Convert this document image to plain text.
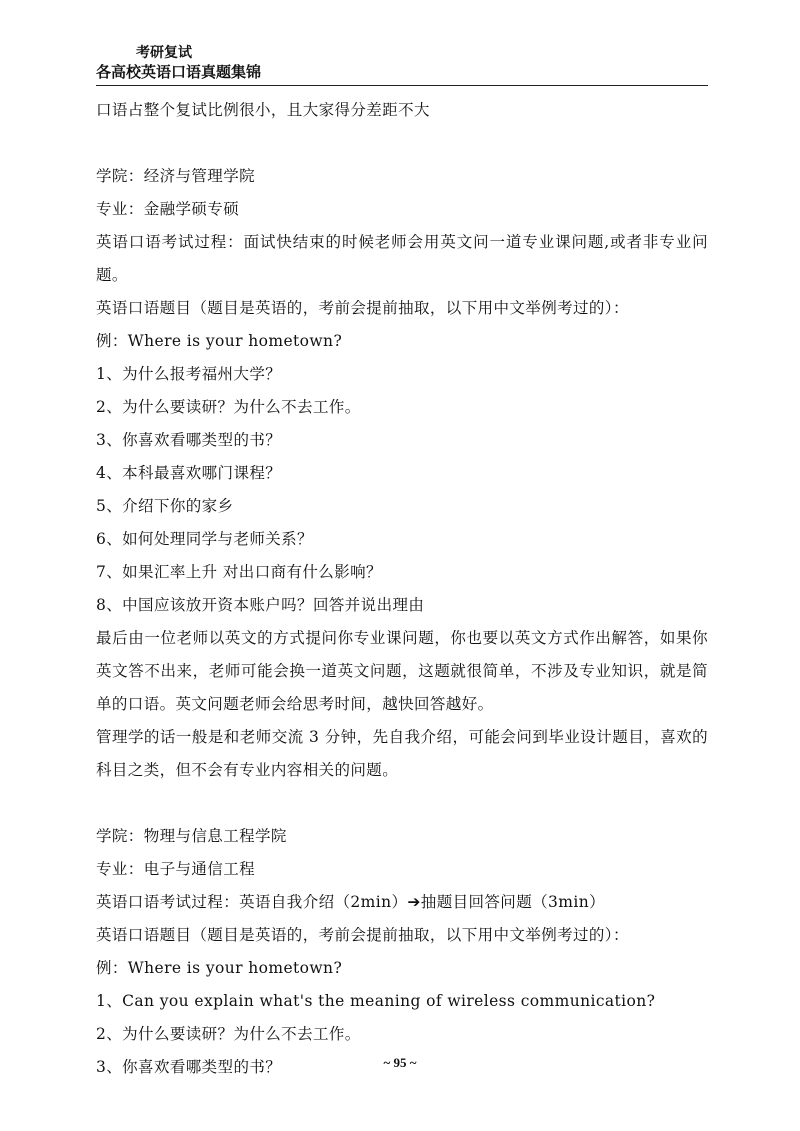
考研复试
各高校英语口语真题集锦
口语占整个复试比例很小，且大家得分差距不大
学院：经济与管理学院
专业：金融学硕专硕
英语口语考试过程：面试快结束的时候老师会用英文问一道专业课问题,或者非专业问题。
英语口语题目（题目是英语的，考前会提前抽取，以下用中文举例考过的）：
例：Where is your hometown?
1、为什么报考福州大学？
2、为什么要读研？为什么不去工作。
3、你喜欢看哪类型的书？
4、本科最喜欢哪门课程？
5、介绍下你的家乡
6、如何处理同学与老师关系？
7、如果汇率上升 对出口商有什么影响？
8、中国应该放开资本账户吗？回答并说出理由
最后由一位老师以英文的方式提问你专业课问题，你也要以英文方式作出解答，如果你英文答不出来，老师可能会换一道英文问题，这题就很简单，不涉及专业知识，就是简单的口语。英文问题老师会给思考时间，越快回答越好。
管理学的话一般是和老师交流 3 分钟，先自我介绍，可能会问到毕业设计题目，喜欢的科目之类，但不会有专业内容相关的问题。
学院：物理与信息工程学院
专业：电子与通信工程
英语口语考试过程：英语自我介绍（2min）➔抽题目回答问题（3min）
英语口语题目（题目是英语的，考前会提前抽取，以下用中文举例考过的）：
例：Where is your hometown?
1、Can you explain what's the meaning of wireless communication?
2、为什么要读研？为什么不去工作。
3、你喜欢看哪类型的书？	~ 95 ~
